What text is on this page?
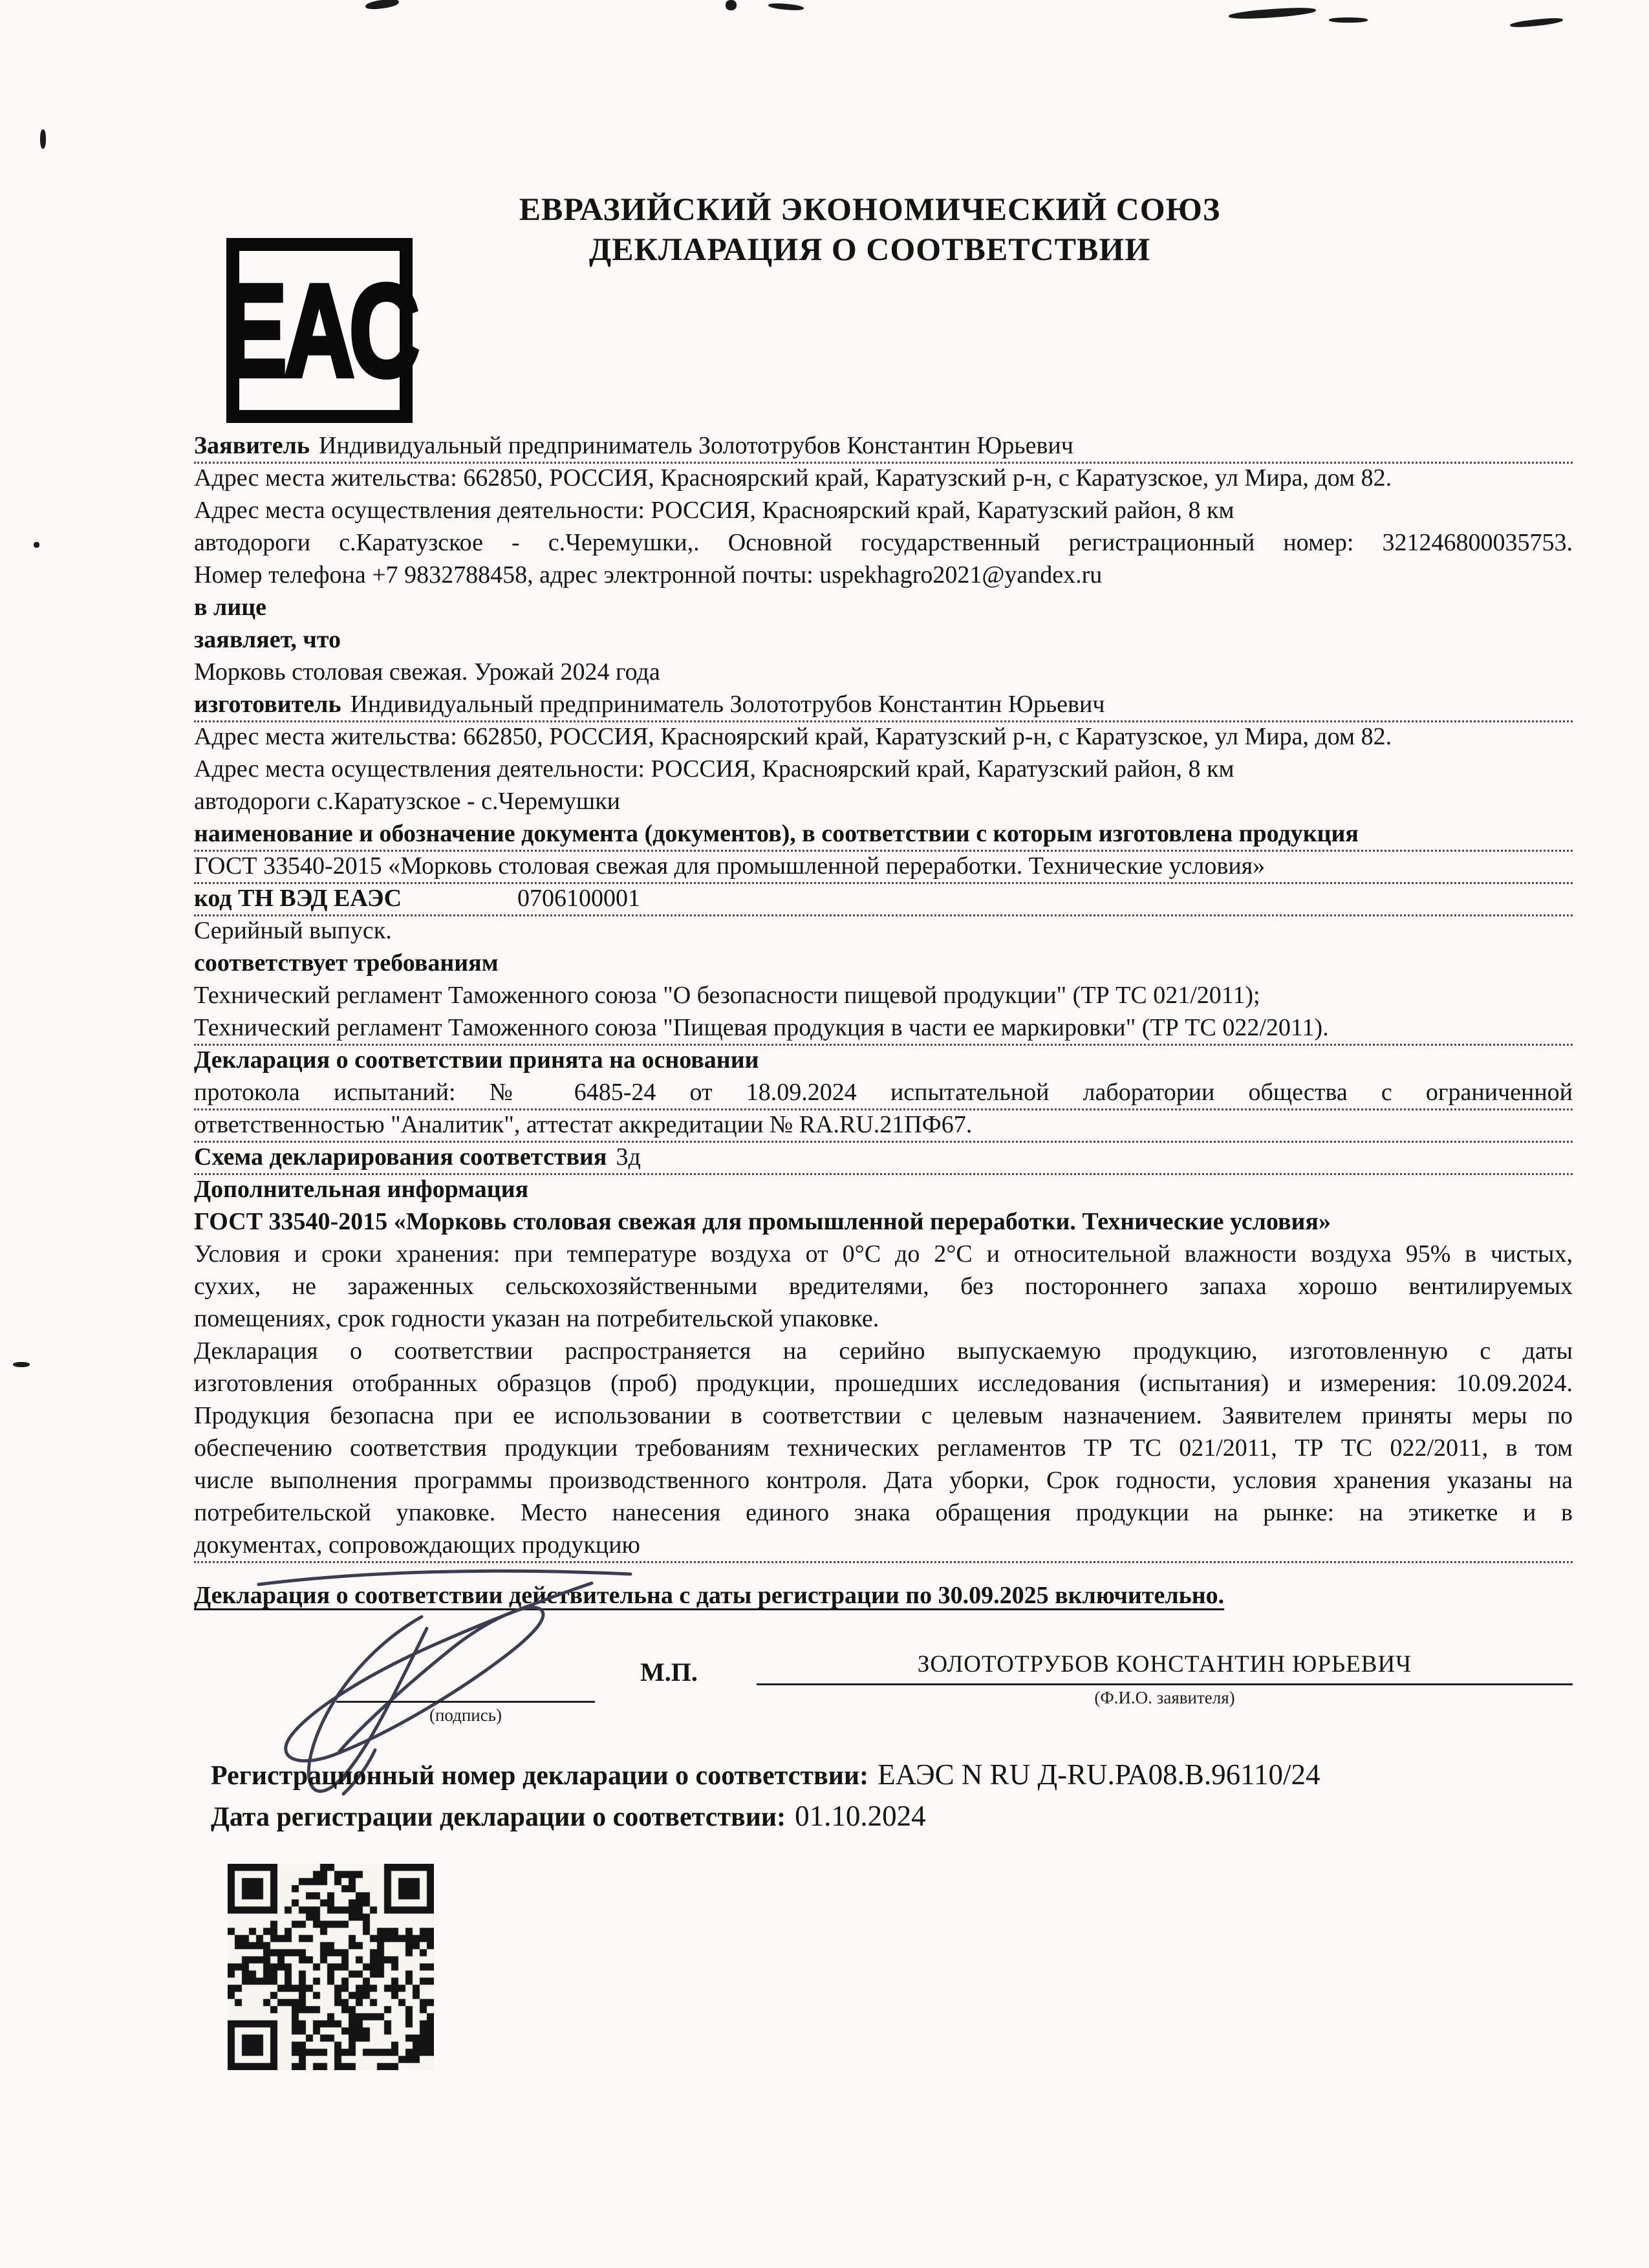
ЕАС
ЕВРАЗИЙСКИЙ ЭКОНОМИЧЕСКИЙ СОЮЗ
ДЕКЛАРАЦИЯ О СООТВЕТСТВИИ
Заявитель Индивидуальный предприниматель Золототрубов Константин Юрьевич
Адрес места жительства: 662850, РОССИЯ, Красноярский край, Каратузский р-н, с Каратузское, ул Мира, дом 82.
Адрес места осуществления деятельности: РОССИЯ, Красноярский край, Каратузский район, 8 км
автодороги с.Каратузское - с.Черемушки,. Основной государственный регистрационный номер: 321246800035753.
Номер телефона +7 9832788458, адрес электронной почты: uspekhagro2021@yandex.ru
в лице
заявляет, что
Морковь столовая свежая. Урожай 2024 года
изготовитель Индивидуальный предприниматель Золототрубов Константин Юрьевич
Адрес места жительства: 662850, РОССИЯ, Красноярский край, Каратузский р-н, с Каратузское, ул Мира, дом 82.
Адрес места осуществления деятельности: РОССИЯ, Красноярский край, Каратузский район, 8 км
автодороги с.Каратузское - с.Черемушки
наименование и обозначение документа (документов), в соответствии с которым изготовлена продукция
ГОСТ 33540-2015 «Морковь столовая свежая для промышленной переработки. Технические условия»
код ТН ВЭД ЕАЭС	0706100001
Серийный выпуск.
соответствует требованиям
Технический регламент Таможенного союза "О безопасности пищевой продукции" (ТР ТС 021/2011);
Технический регламент Таможенного союза "Пищевая продукция в части ее маркировки" (ТР ТС 022/2011).
Декларация о соответствии принята на основании
протокола испытаний: № 6485-24 от 18.09.2024 испытательной лаборатории общества с ограниченной
ответственностью "Аналитик", аттестат аккредитации № RA.RU.21ПФ67.
Схема декларирования соответствия 3д
Дополнительная информация
ГОСТ 33540-2015 «Морковь столовая свежая для промышленной переработки. Технические условия»
Условия и сроки хранения: при температуре воздуха от 0°С до 2°С и относительной влажности воздуха 95% в чистых,
сухих, не зараженных сельскохозяйственными вредителями, без постороннего запаха хорошо вентилируемых
помещениях, срок годности указан на потребительской упаковке.
Декларация о соответствии распространяется на серийно выпускаемую продукцию, изготовленную с даты
изготовления отобранных образцов (проб) продукции, прошедших исследования (испытания) и измерения: 10.09.2024.
Продукция безопасна при ее использовании в соответствии с целевым назначением. Заявителем приняты меры по
обеспечению соответствия продукции требованиям технических регламентов ТР ТС 021/2011, ТР ТС 022/2011, в том
числе выполнения программы производственного контроля. Дата уборки, Срок годности, условия хранения указаны на
потребительской упаковке. Место нанесения единого знака обращения продукции на рынке: на этикетке и в
документах, сопровождающих продукцию
Декларация о соответствии действительна с даты регистрации по 30.09.2025 включительно.
(подпись)
М.П.	ЗОЛОТОТРУБОВ КОНСТАНТИН ЮРЬЕВИЧ
(Ф.И.О. заявителя)
Регистрационный номер декларации о соответствии: ЕАЭС N RU Д-RU.РА08.В.96110/24
Дата регистрации декларации о соответствии: 01.10.2024
